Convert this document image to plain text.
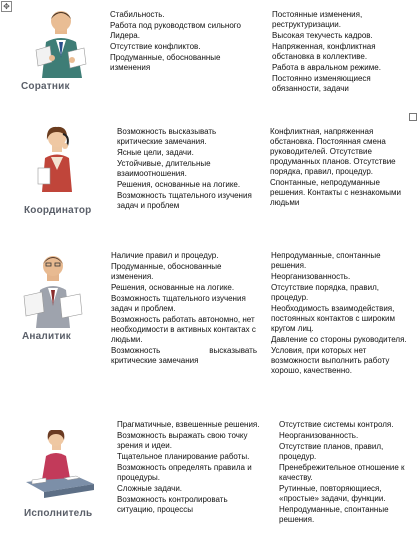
✥
Соратник
Стабильность.
Работа под руководством сильного Лидера.
Отсутствие конфликтов.
Продуманные, обоснованные изменения
Постоянные изменения, реструктуризации.
Высокая текучесть кадров.
Напряженная, конфликтная обстановка в коллективе.
Работа в авральном режиме.
Постоянно изменяющиеся обязанности, задачи
Координатор
Возможность высказывать критические замечания.
Ясные цели, задачи.
Устойчивые, длительные взаимоотношения.
Решения, основанные на логике.
Возможность тщательного изучения задач и проблем
Конфликтная, напряженная обстановка. Постоянная смена руководителей. Отсутствие продуманных планов. Отсутствие порядка, правил, процедур.
Спонтанные, непродуманные решения. Контакты с незнакомыми людьми
Аналитик
Наличие правил и процедур.
Продуманные, обоснованные изменения.
Решения, основанные на логике.
Возможность тщательного изучения задач и проблем.
Возможность работать автономно, нет необходимости в активных контактах с людьми.
Возможность высказывать критические замечания
Непродуманные, спонтанные решения.
Неорганизованность.
Отсутствие порядка, правил, процедур.
Необходимость взаимодействия, постоянных контактов с широким кругом лиц.
Давление со стороны руководителя.
Условия, при которых нет возможности выполнить работу хорошо, качественно.
Исполнитель
Прагматичные, взвешенные решения.
Возможность выражать свою точку зрения и идеи.
Тщательное планирование работы.
Возможность определять правила и процедуры.
Сложные задачи.
Возможность контролировать ситуацию, процессы
Отсутствие системы контроля.
Неорганизованность.
Отсутствие планов, правил, процедур.
Пренебрежительное отношение к качеству.
Рутинные, повторяющиеся, «простые» задачи, функции.
Непродуманные, спонтанные решения.
